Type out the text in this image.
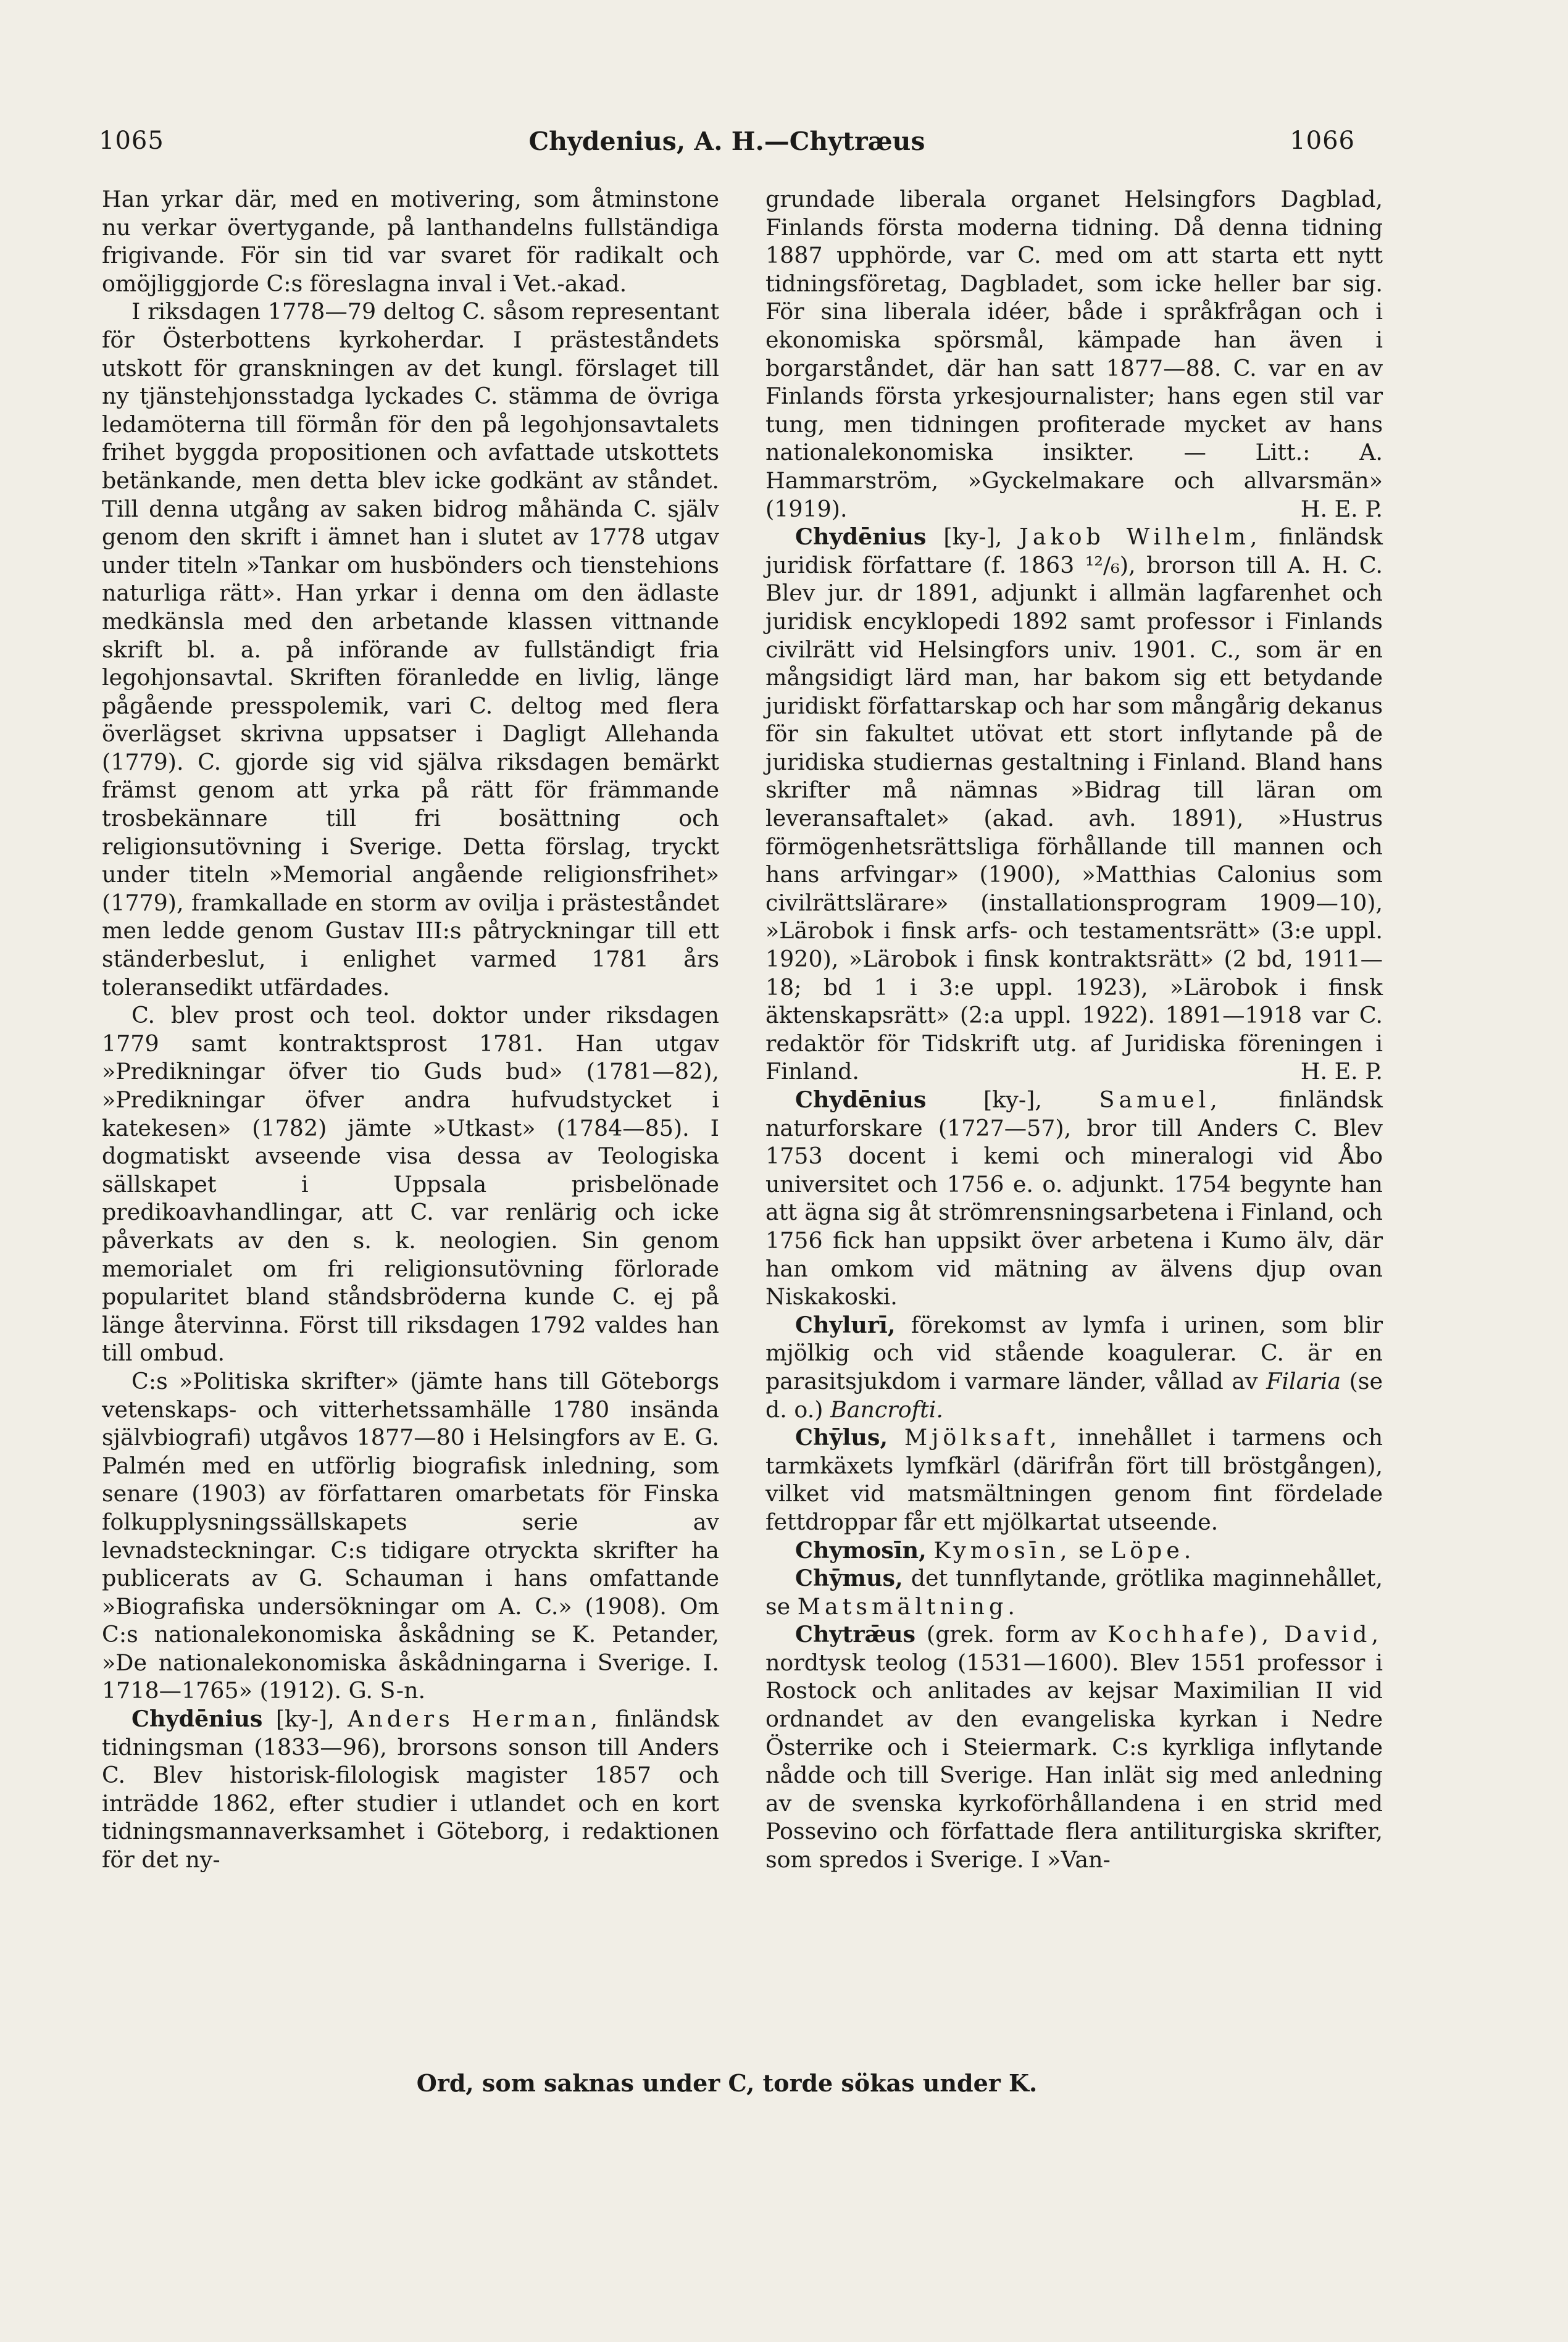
1065	Chydenius, A. H.—Chytræus	1066

Han yrkar där, med en motivering, som åtminstone nu verkar övertygande, på lanthandelns fullständiga frigivande. För sin tid var svaret för radikalt och omöjliggjorde C:s föreslagna inval i Vet.-akad.

I riksdagen 1778—79 deltog C. såsom representant för Österbottens kyrkoherdar. I prästeståndets utskott för granskningen av det kungl. förslaget till ny tjänstehjonsstadga lyckades C. stämma de övriga ledamöterna till förmån för den på legohjonsavtalets frihet byggda propositionen och avfattade utskottets betänkande, men detta blev icke godkänt av ståndet. Till denna utgång av saken bidrog måhända C. själv genom den skrift i ämnet han i slutet av 1778 utgav under titeln »Tankar om husbönders och tienstehions naturliga rätt». Han yrkar i denna om den ädlaste medkänsla med den arbetande klassen vittnande skrift bl. a. på införande av fullständigt fria legohjonsavtal. Skriften föranledde en livlig, länge pågående presspolemik, vari C. deltog med flera överlägset skrivna uppsatser i Dagligt Allehanda (1779). C. gjorde sig vid själva riksdagen bemärkt främst genom att yrka på rätt för främmande trosbekännare till fri bosättning och religionsutövning i Sverige. Detta förslag, tryckt under titeln »Memorial angående religionsfrihet» (1779), framkallade en storm av ovilja i prästeståndet men ledde genom Gustav III:s påtryckningar till ett ständerbeslut, i enlighet varmed 1781 års toleransedikt utfärdades.

C. blev prost och teol. doktor under riksdagen 1779 samt kontraktsprost 1781. Han utgav »Predikningar öfver tio Guds bud» (1781—82), »Predikningar öfver andra hufvudstycket i katekesen» (1782) jämte »Utkast» (1784—85). I dogmatiskt avseende visa dessa av Teologiska sällskapet i Uppsala prisbelönade predikoavhandlingar, att C. var renlärig och icke påverkats av den s. k. neologien. Sin genom memorialet om fri religionsutövning förlorade popularitet bland ståndsbröderna kunde C. ej på länge återvinna. Först till riksdagen 1792 valdes han till ombud.

C:s »Politiska skrifter» (jämte hans till Göteborgs vetenskaps- och vitterhetssamhälle 1780 insända självbiografi) utgåvos 1877—80 i Helsingfors av E. G. Palmén med en utförlig biografisk inledning, som senare (1903) av författaren omarbetats för Finska folkupplysningssällskapets serie av levnadsteckningar. C:s tidigare otryckta skrifter ha publicerats av G. Schauman i hans omfattande »Biografiska undersökningar om A. C.» (1908). Om C:s nationalekonomiska åskådning se K. Petander, »De nationalekonomiska åskådningarna i Sverige. I. 1718—1765» (1912). G. S-n.

Chydēnius [ky-], Anders Herman, finländsk tidningsman (1833—96), brorsons sonson till Anders C. Blev historisk-filologisk magister 1857 och inträdde 1862, efter studier i utlandet och en kort tidningsmannaverksamhet i Göteborg, i redaktionen för det ny-

grundade liberala organet Helsingfors Dagblad, Finlands första moderna tidning. Då denna tidning 1887 upphörde, var C. med om att starta ett nytt tidningsföretag, Dagbladet, som icke heller bar sig. För sina liberala idéer, både i språkfrågan och i ekonomiska spörsmål, kämpade han även i borgarståndet, där han satt 1877—88. C. var en av Finlands första yrkesjournalister; hans egen stil var tung, men tidningen profiterade mycket av hans nationalekonomiska insikter. — Litt.: A. Hammarström, »Gyckelmakare och allvarsmän» (1919).	H. E. P.

Chydēnius [ky-], Jakob Wilhelm, finländsk juridisk författare (f. 1863 ¹²/₆), brorson till A. H. C. Blev jur. dr 1891, adjunkt i allmän lagfarenhet och juridisk encyklopedi 1892 samt professor i Finlands civilrätt vid Helsingfors univ. 1901. C., som är en mångsidigt lärd man, har bakom sig ett betydande juridiskt författarskap och har som mångårig dekanus för sin fakultet utövat ett stort inflytande på de juridiska studiernas gestaltning i Finland. Bland hans skrifter må nämnas »Bidrag till läran om leveransaftalet» (akad. avh. 1891), »Hustrus förmögenhetsrättsliga förhållande till mannen och hans arfvingar» (1900), »Matthias Calonius som civilrättslärare» (installationsprogram 1909—10), »Lärobok i finsk arfs- och testamentsrätt» (3:e uppl. 1920), »Lärobok i finsk kontraktsrätt» (2 bd, 1911—18; bd 1 i 3:e uppl. 1923), »Lärobok i finsk äktenskapsrätt» (2:a uppl. 1922). 1891—1918 var C. redaktör för Tidskrift utg. af Juridiska föreningen i Finland.	H. E. P.

Chydēnius	[ky-],	Samuel,	finländsk naturforskare (1727—57), bror till Anders C. Blev 1753 docent i kemi och mineralogi vid Åbo universitet och 1756 e. o. adjunkt. 1754 begynte han att ägna sig åt strömrensningsarbetena i Finland, och 1756 fick han uppsikt över arbetena i Kumo älv, där han omkom vid mätning av älvens djup ovan Niskakoski.

Chylurī, förekomst av lymfa i urinen, som blir mjölkig och vid stående koagulerar. C. är en parasitsjukdom i varmare länder, vållad av Filaria (se d. o.) Bancrofti.

Chȳlus, Mjölksaft, innehållet i tarmens och tarmkäxets lymfkärl (därifrån fört till bröstgången), vilket vid matsmältningen genom fint fördelade fettdroppar får ett mjölkartat utseende.

Chymosīn, Kymosīn, se Löpe.

Chȳmus, det tunnflytande, grötlika maginnehållet, se Matsmältning.

Chytrǣus (grek. form av Kochhafe), David, nordtysk teolog (1531—1600). Blev 1551 professor i Rostock och anlitades av kejsar Maximilian II vid ordnandet av den evangeliska kyrkan i Nedre Österrike och i Steiermark. C:s kyrkliga inflytande nådde och till Sverige. Han inlät sig med anledning av de svenska kyrkoförhållandena i en strid med Possevino och författade flera antiliturgiska skrifter, som spredos i Sverige. I »Van-

Ord, som saknas under C, torde sökas under K.
